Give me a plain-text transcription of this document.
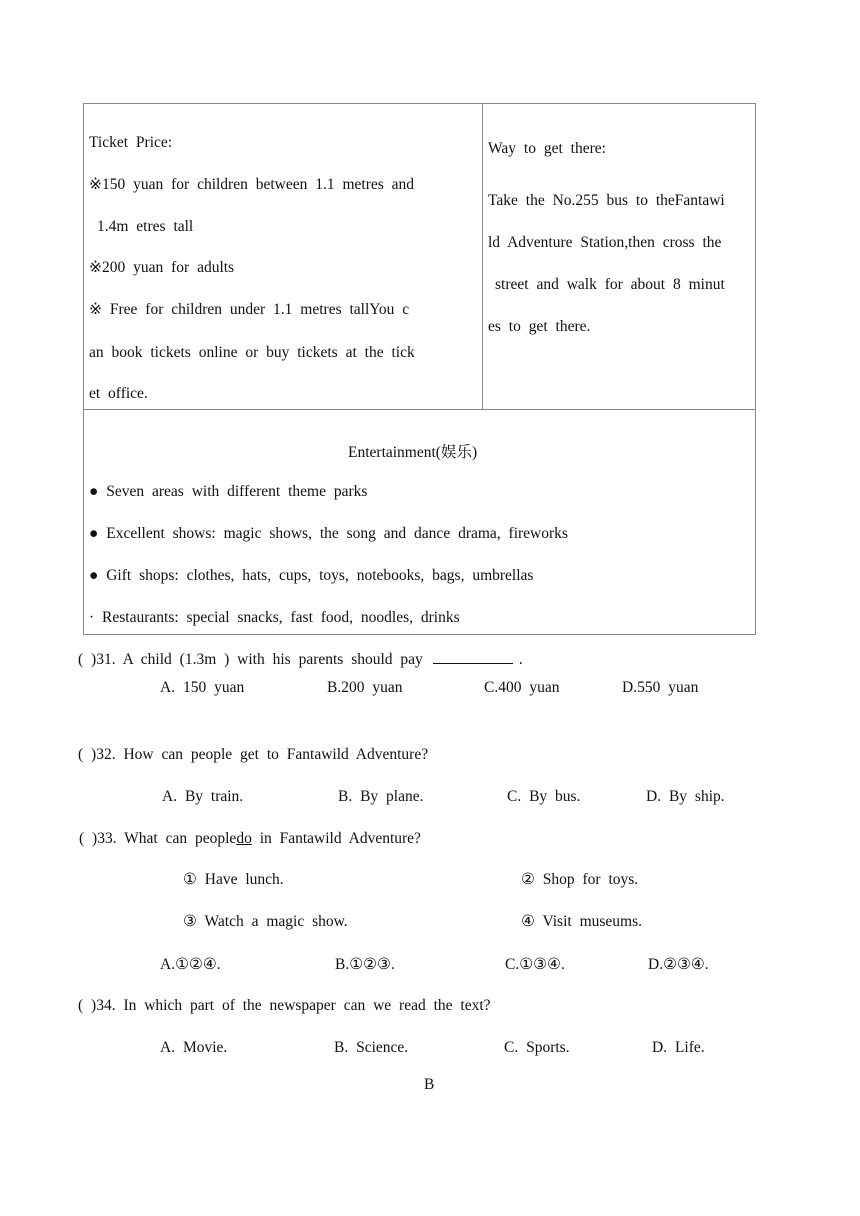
Ticket Price:
※150 yuan for children between 1.1 metres and
1.4m etres tall
※200 yuan for adults
※ Free for children under 1.1 metres tallYou c
an book tickets online or buy tickets at the tick
et office.
Way to get there:
Take the No.255 bus to theFantawi
ld Adventure Station,then cross the
street and walk for about 8 minut
es to get there.
Entertainment(娱乐)
● Seven areas with different theme parks
● Excellent shows: magic shows, the song and dance drama, fireworks
● Gift shops: clothes, hats, cups, toys, notebooks, bags, umbrellas
· Restaurants: special snacks, fast food, noodles, drinks
( )31. A child (1.3m ) with his parents should pay	.
A. 150 yuan	B.200 yuan	C.400 yuan	D.550 yuan
( )32. How can people get to Fantawild Adventure?
A. By train.	B. By plane.	C. By bus.	D. By ship.
( )33. What can peopledo in Fantawild Adventure?
① Have lunch.	② Shop for toys.
③ Watch a magic show.	④ Visit museums.
A.①②④.	B.①②③.	C.①③④.	D.②③④.
( )34. In which part of the newspaper can we read the text?
A. Movie.	B. Science.	C. Sports.	D. Life.
B
